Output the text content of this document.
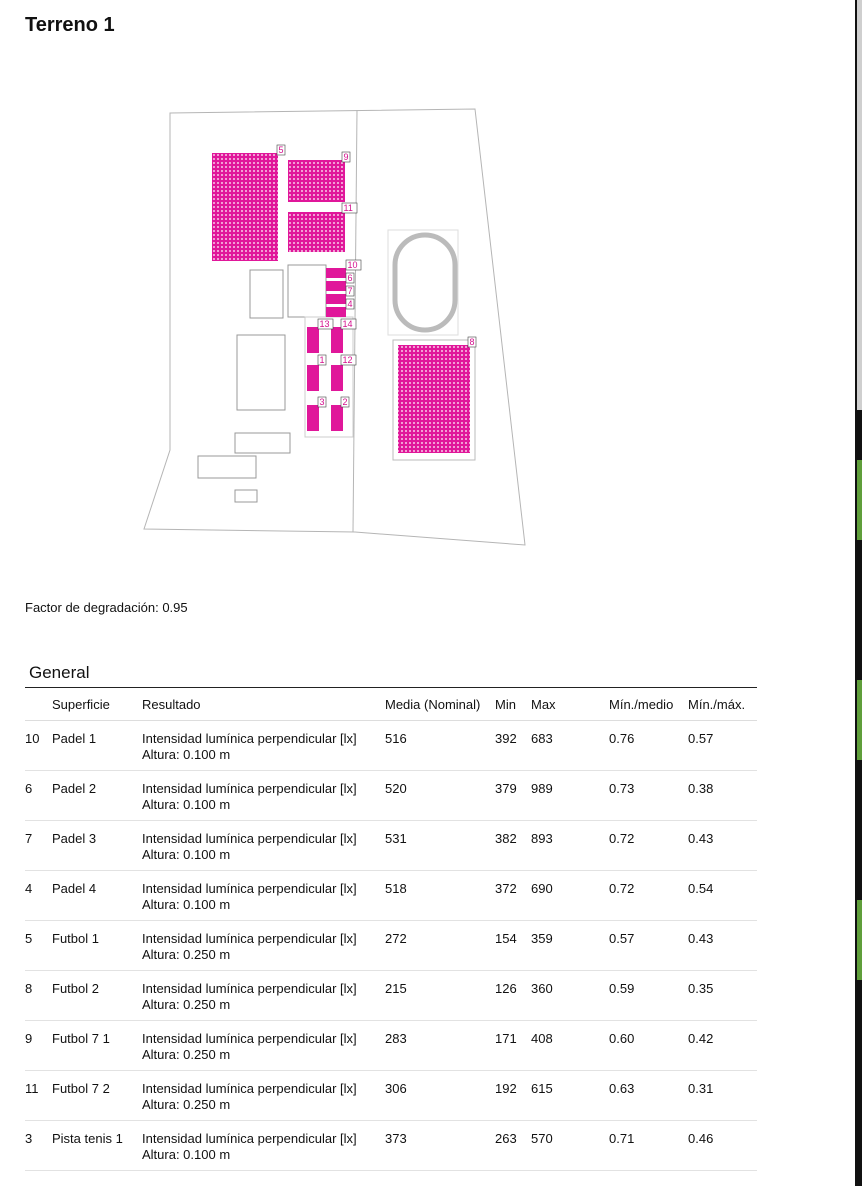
Terreno 1
5
9
11
10
6
7
4
13 14
1 12
3 2
8
Factor de degradación: 0.95
General
	Superficie	Resultado	Media (Nominal)	Min	Max	Mín./medio	Mín./máx.

10	Padel 1	Intensidad lumínica perpendicular [lx]
Altura: 0.100 m	516	392	683	0.76	0.57

6	Padel 2	Intensidad lumínica perpendicular [lx]
Altura: 0.100 m	520	379	989	0.73	0.38

7	Padel 3	Intensidad lumínica perpendicular [lx]
Altura: 0.100 m	531	382	893	0.72	0.43

4	Padel 4	Intensidad lumínica perpendicular [lx]
Altura: 0.100 m	518	372	690	0.72	0.54

5	Futbol 1	Intensidad lumínica perpendicular [lx]
Altura: 0.250 m	272	154	359	0.57	0.43

8	Futbol 2	Intensidad lumínica perpendicular [lx]
Altura: 0.250 m	215	126	360	0.59	0.35

9	Futbol 7 1	Intensidad lumínica perpendicular [lx]
Altura: 0.250 m	283	171	408	0.60	0.42

11	Futbol 7 2	Intensidad lumínica perpendicular [lx]
Altura: 0.250 m	306	192	615	0.63	0.31

3	Pista tenis 1	Intensidad lumínica perpendicular [lx]
Altura: 0.100 m	373	263	570	0.71	0.46
